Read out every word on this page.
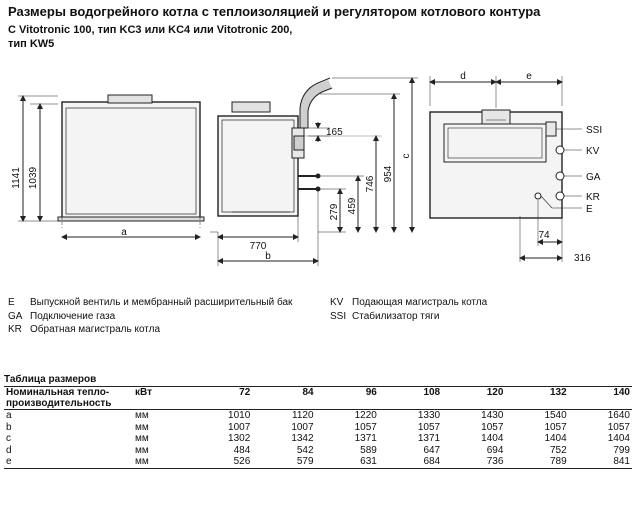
Размеры водогрейного котла с теплоизоляцией и регулятором котлового контура
С Vitotronic 100, тип KC3 или KC4 или Vitotronic 200,
тип KW5
1141 1039
a
770
b
165
279 459
746
954
c
d	e
74
316
SSI
KV
GA
KR
E
E Выпускной вентиль и мембранный расширительный бак
GA Подключение газа
KR Обратная магистраль котла
KV Подающая магистраль котла
SSI Стабилизатор тяги
Таблица размеров
Номинальная тепло-
производительность	кВт	72	84	96	108	120	132	140
a	мм	1010	1120	1220	1330	1430	1540	1640
b	мм	1007	1007	1057	1057	1057	1057	1057
c	мм	1302	1342	1371	1371	1404	1404	1404
d	мм	484	542	589	647	694	752	799
e	мм	526	579	631	684	736	789	841
